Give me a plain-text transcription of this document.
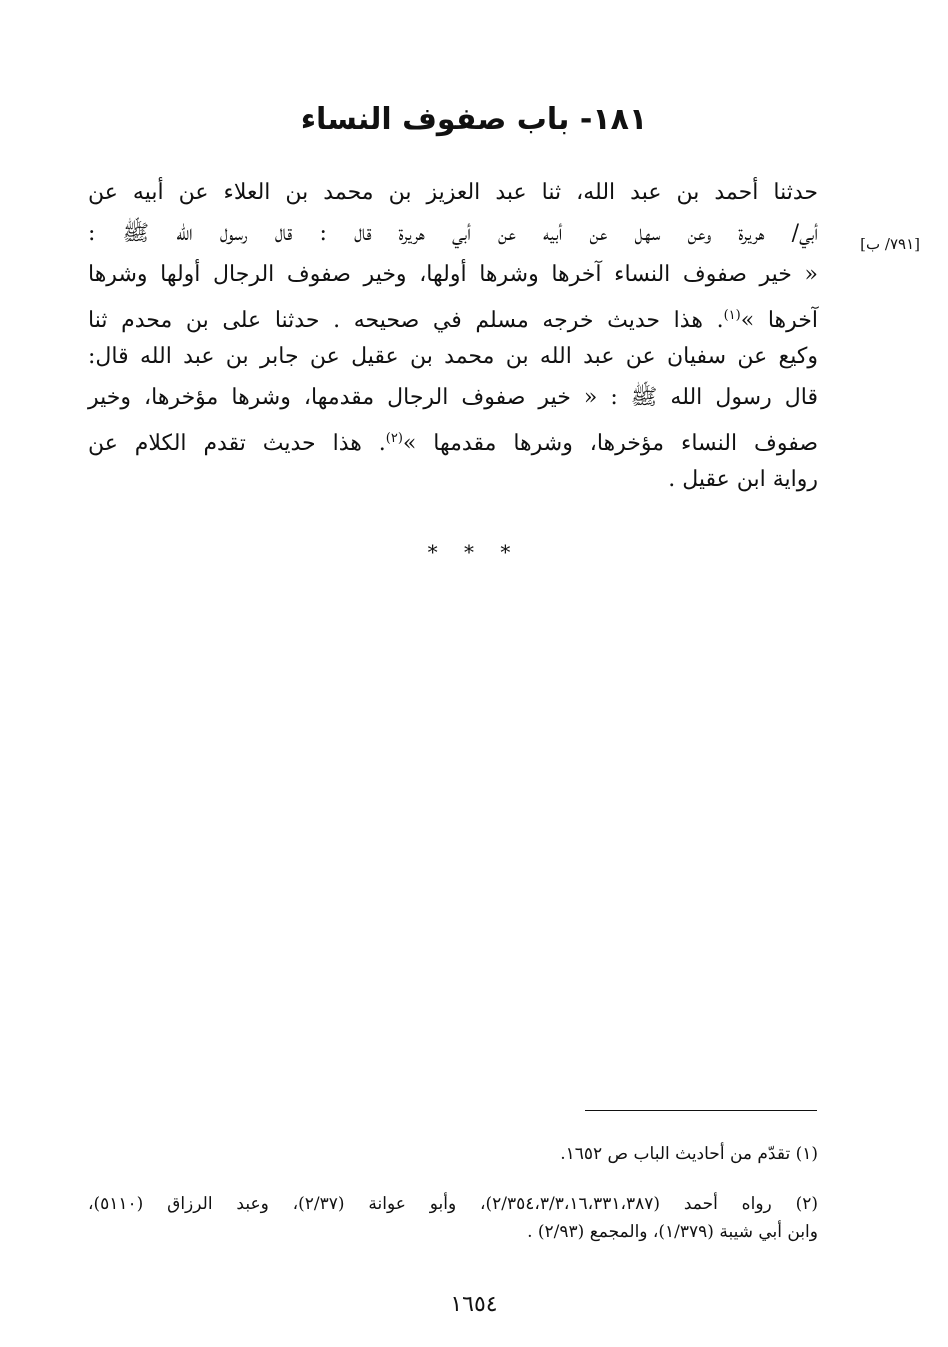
١٨١- باب صفوف النساء
[٧٩١/ ب]
حدثنا أحمد بن عبد الله، ثنا عبد العزيز بن محمد بن العلاء عن أبيه عن
أبي/ هريرة وعن سهل عن أبيه عن أبي هريرة قال : قال رسول الله ﷺ :
« خير صفوف النساء آخرها وشرها أولها، وخير صفوف الرجال أولها وشرها
آخرها »$^{(١)}$. هذا حديث خرجه مسلم في صحيحه . حدثنا على بن محدم ثنا
وكيع عن سفيان عن عبد الله بن محمد بن عقيل عن جابر بن عبد الله قال:
قال رسول الله ﷺ : « خير صفوف الرجال مقدمها، وشرها مؤخرها، وخير
صفوف النساء مؤخرها، وشرها مقدمها »$^{(٢)}$. هذا حديث تقدم الكلام عن
رواية ابن عقيل .
* * *
(١) تقدّم من أحاديث الباب ص ١٦٥٢.
(٢) رواه أحمد (٢/٣٥٤،٣/٣،١٦،٣٣١،٣٨٧)، وأبو عوانة (٢/٣٧)، وعبد الرزاق (٥١١٠)،
وابن أبي شيبة (١/٣٧٩)، والمجمع (٢/٩٣) .
١٦٥٤
